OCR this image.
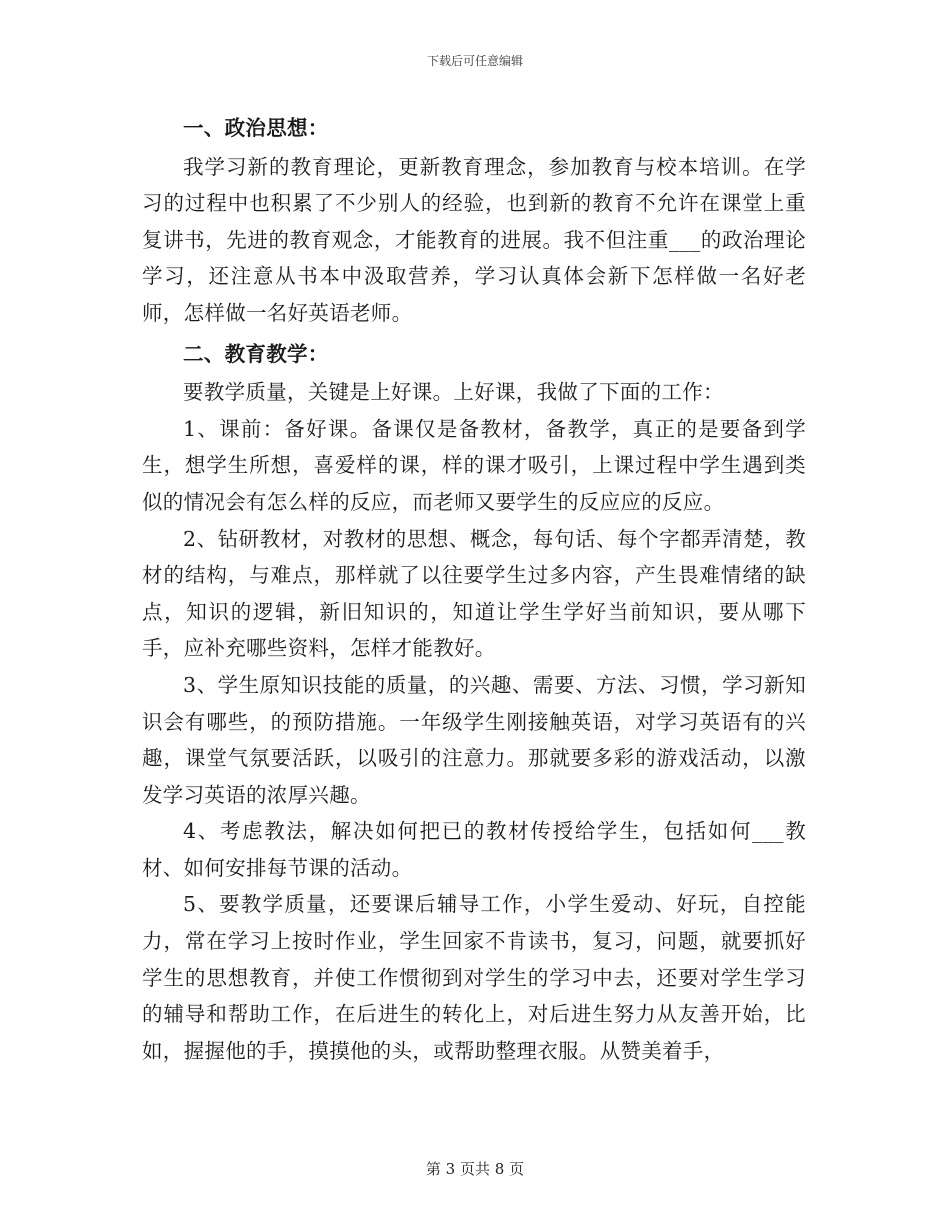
下载后可任意编辑

一、政治思想：

我学习新的教育理论，更新教育理念，参加教育与校本培训。在学习的过程中也积累了不少别人的经验，也到新的教育不允许在课堂上重复讲书，先进的教育观念，才能教育的进展。我不但注重___的政治理论学习，还注意从书本中汲取营养，学习认真体会新下怎样做一名好老师，怎样做一名好英语老师。

二、教育教学：

要教学质量，关键是上好课。上好课，我做了下面的工作：

1、课前：备好课。备课仅是备教材，备教学，真正的是要备到学生，想学生所想，喜爱样的课，样的课才吸引，上课过程中学生遇到类似的情况会有怎么样的反应，而老师又要学生的反应应的反应。

2、钻研教材，对教材的思想、概念，每句话、每个字都弄清楚，教材的结构，与难点，那样就了以往要学生过多内容，产生畏难情绪的缺点，知识的逻辑，新旧知识的，知道让学生学好当前知识，要从哪下手，应补充哪些资料，怎样才能教好。

3、学生原知识技能的质量，的兴趣、需要、方法、习惯，学习新知识会有哪些，的预防措施。一年级学生刚接触英语，对学习英语有的兴趣，课堂气氛要活跃，以吸引的注意力。那就要多彩的游戏活动，以激发学习英语的浓厚兴趣。

4、考虑教法，解决如何把已的教材传授给学生，包括如何___教材、如何安排每节课的活动。

5、要教学质量，还要课后辅导工作，小学生爱动、好玩，自控能力，常在学习上按时作业，学生回家不肯读书，复习，问题，就要抓好学生的思想教育，并使工作惯彻到对学生的学习中去，还要对学生学习的辅导和帮助工作，在后进生的转化上，对后进生努力从友善开始，比如，握握他的手，摸摸他的头，或帮助整理衣服。从赞美着手，

第 3 页共 8 页
